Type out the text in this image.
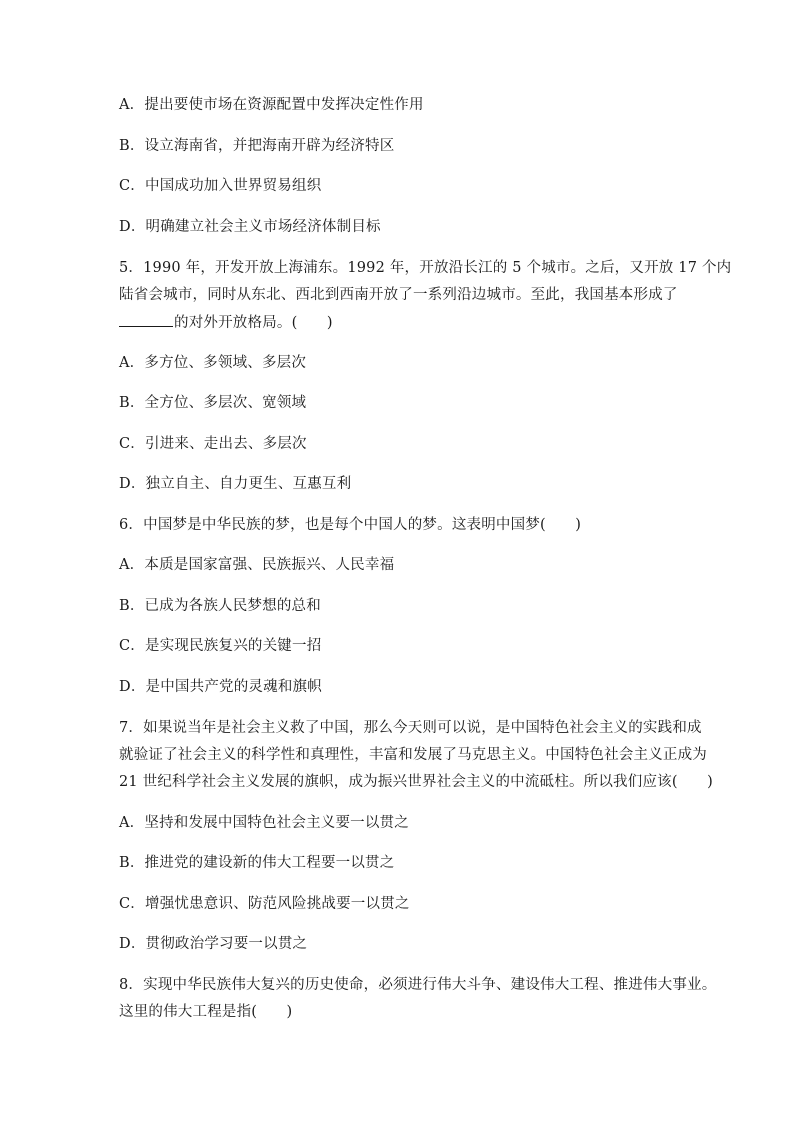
A．提出要使市场在资源配置中发挥决定性作用
B．设立海南省，并把海南开辟为经济特区
C．中国成功加入世界贸易组织
D．明确建立社会主义市场经济体制目标
5．1990 年，开发开放上海浦东。1992 年，开放沿长江的 5 个城市。之后，又开放 17 个内
陆省会城市，同时从东北、西北到西南开放了一系列沿边城市。至此，我国基本形成了
的对外开放格局。(　　)
A．多方位、多领域、多层次
B．全方位、多层次、宽领域
C．引进来、走出去、多层次
D．独立自主、自力更生、互惠互利
6．中国梦是中华民族的梦，也是每个中国人的梦。这表明中国梦(　　)
A．本质是国家富强、民族振兴、人民幸福
B．已成为各族人民梦想的总和
C．是实现民族复兴的关键一招
D．是中国共产党的灵魂和旗帜
7．如果说当年是社会主义救了中国，那么今天则可以说，是中国特色社会主义的实践和成
就验证了社会主义的科学性和真理性，丰富和发展了马克思主义。中国特色社会主义正成为
21 世纪科学社会主义发展的旗帜，成为振兴世界社会主义的中流砥柱。所以我们应该(　　)
A．坚持和发展中国特色社会主义要一以贯之
B．推进党的建设新的伟大工程要一以贯之
C．增强忧患意识、防范风险挑战要一以贯之
D．贯彻政治学习要一以贯之
8．实现中华民族伟大复兴的历史使命，必须进行伟大斗争、建设伟大工程、推进伟大事业。
这里的伟大工程是指(　　)
